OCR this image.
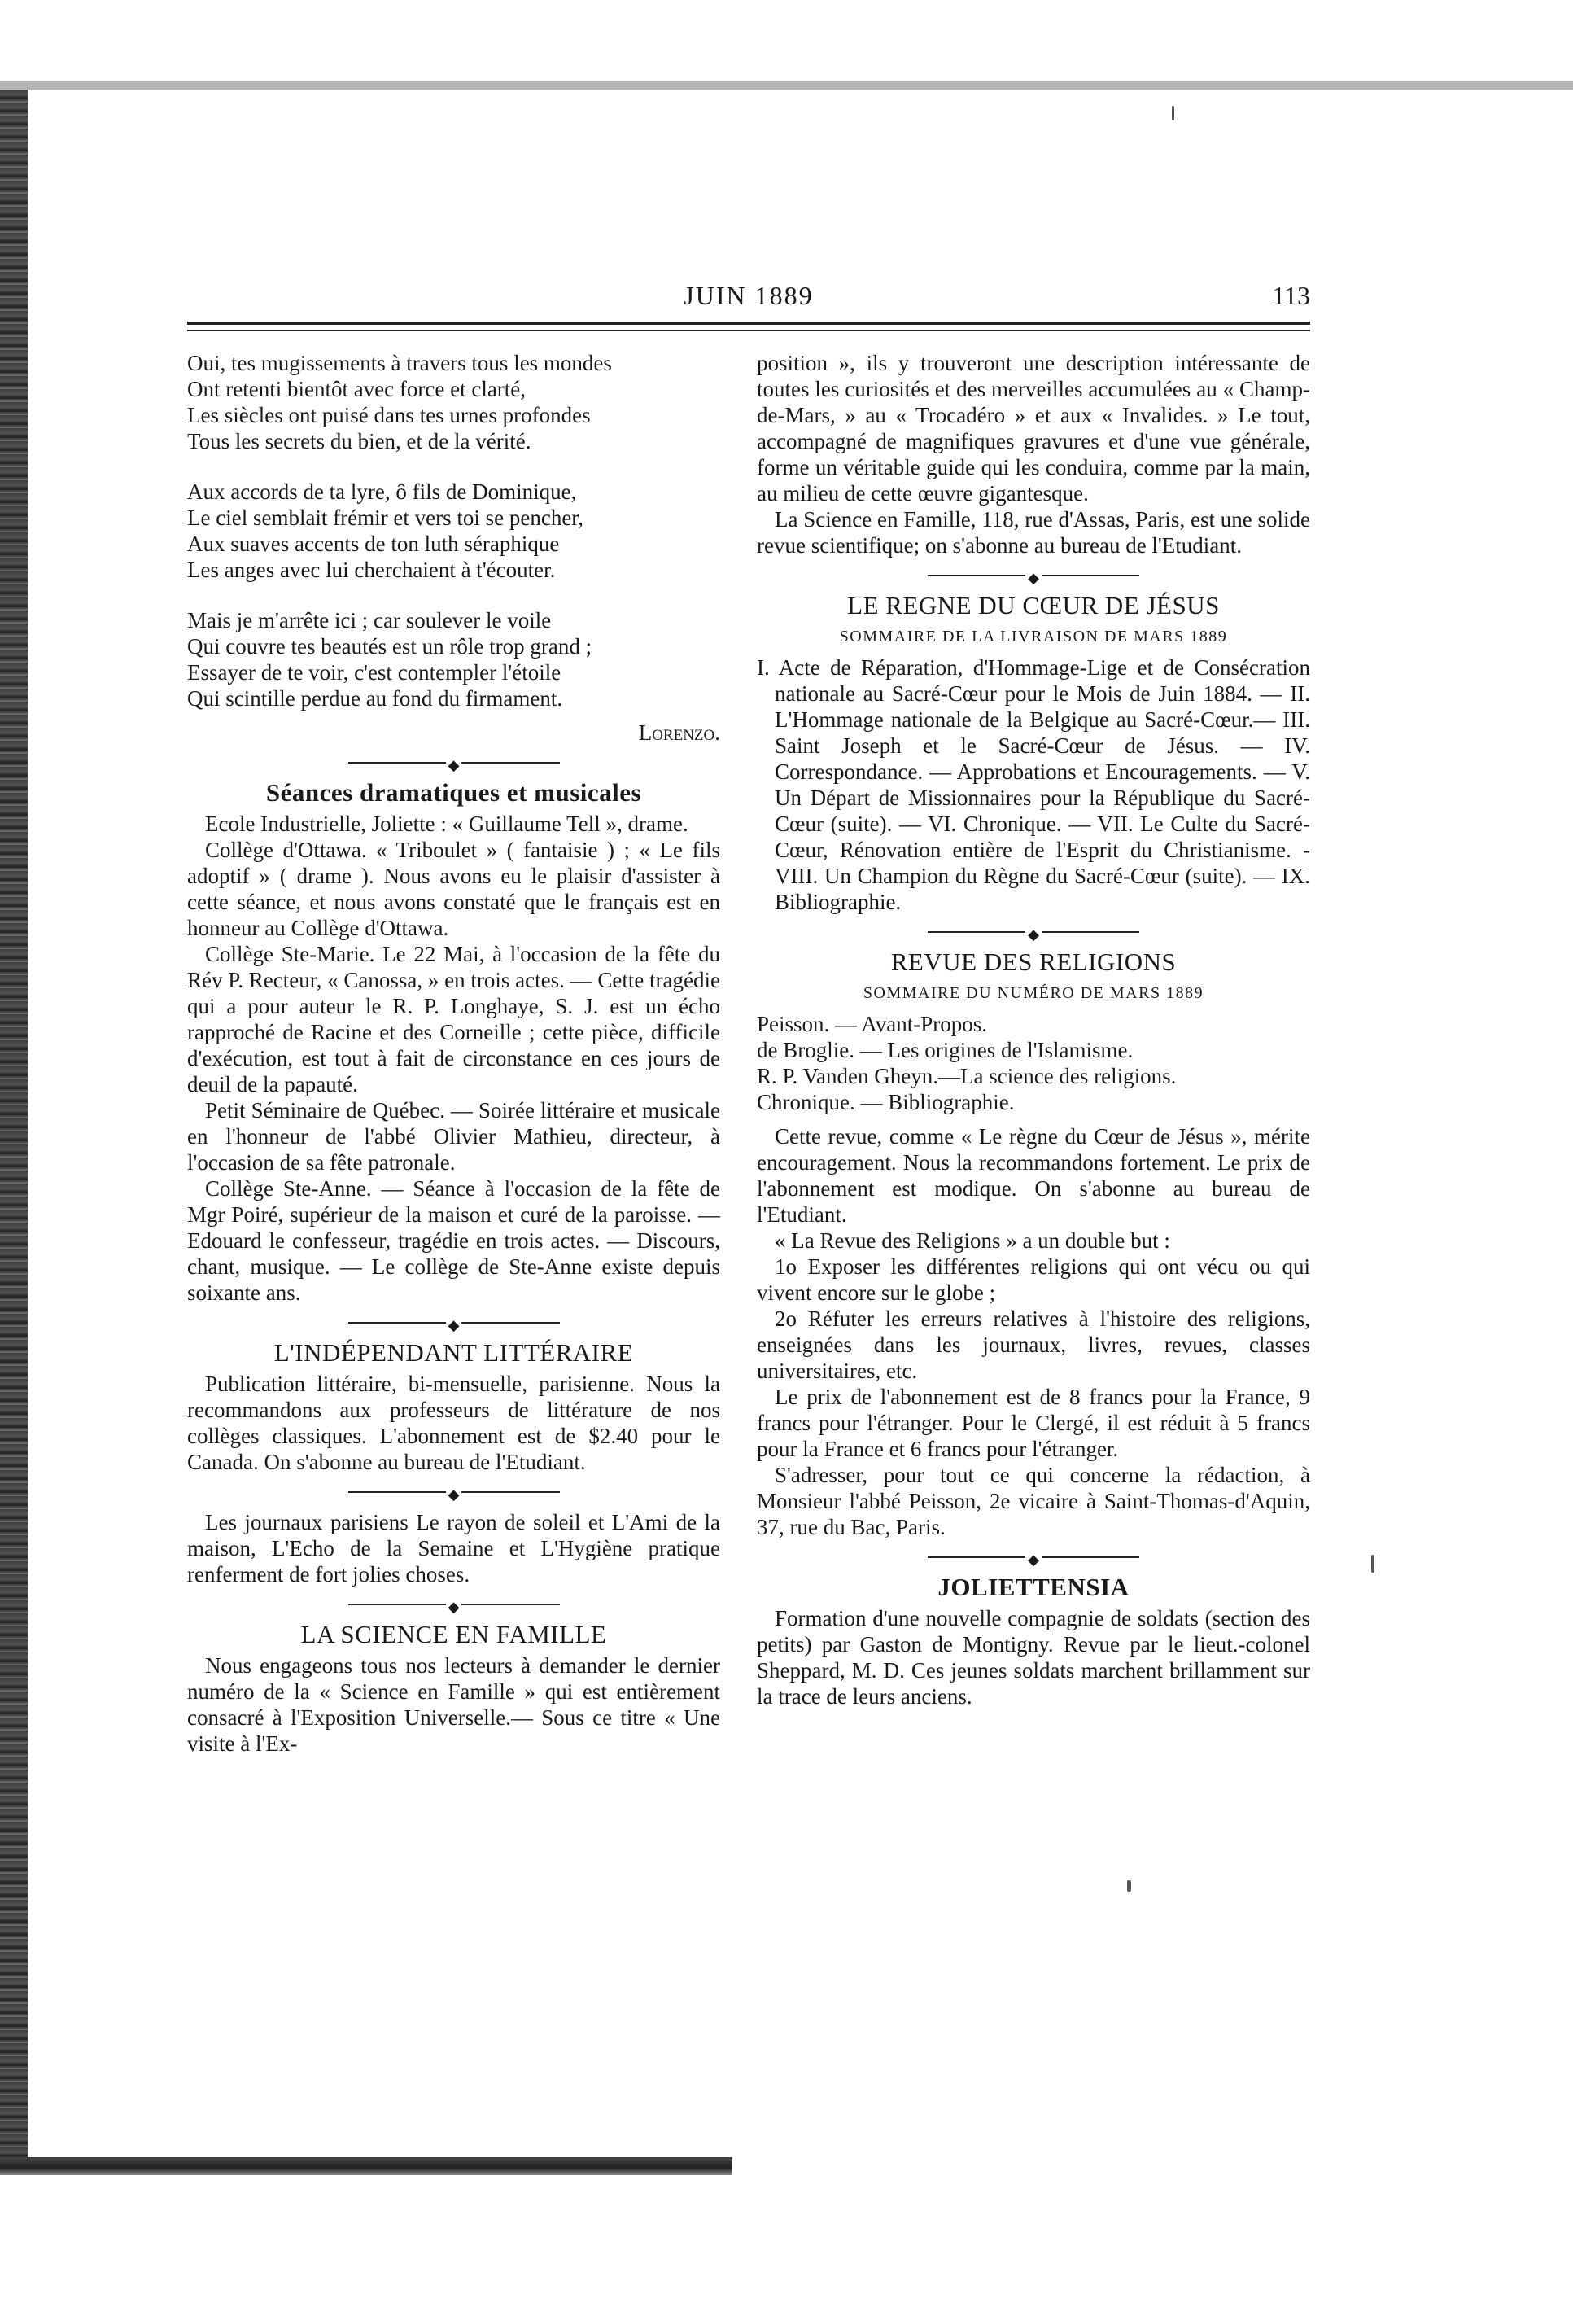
JUIN 1889	113

Oui, tes mugissements à travers tous les mondes

Ont retenti bientôt avec force et clarté,

Les siècles ont puisé dans tes urnes profondes

Tous les secrets du bien, et de la vérité.

Aux accords de ta lyre, ô fils de Dominique,

Le ciel semblait frémir et vers toi se pencher,

Aux suaves accents de ton luth séraphique

Les anges avec lui cherchaient à t'écouter.

Mais je m'arrête ici ; car soulever le voile

Qui couvre tes beautés est un rôle trop grand ;

Essayer de te voir, c'est contempler l'étoile

Qui scintille perdue au fond du firmament.

Lorenzo.
◆
Séances dramatiques et musicales

Ecole Industrielle, Joliette : « Guillaume Tell », drame.

Collège d'Ottawa. « Triboulet » ( fantaisie ) ; « Le fils adoptif » ( drame ). Nous avons eu le plaisir d'assister à cette séance, et nous avons constaté que le français est en honneur au Collège d'Ottawa.

Collège Ste-Marie. Le 22 Mai, à l'occasion de la fête du Rév P. Recteur, « Canossa, » en trois actes. — Cette tragédie qui a pour auteur le R. P. Longhaye, S. J. est un écho rapproché de Racine et des Corneille ; cette pièce, difficile d'exécution, est tout à fait de circonstance en ces jours de deuil de la papauté.

Petit Séminaire de Québec. — Soirée littéraire et musicale en l'honneur de l'abbé Olivier Mathieu, directeur, à l'occasion de sa fête patronale.

Collège Ste-Anne. — Séance à l'occasion de la fête de Mgr Poiré, supérieur de la maison et curé de la paroisse. — Edouard le confesseur, tragédie en trois actes. — Discours, chant, musique. — Le collège de Ste-Anne existe depuis soixante ans.

◆
L'INDÉPENDANT LITTÉRAIRE

Publication littéraire, bi-mensuelle, parisienne. Nous la recommandons aux professeurs de littérature de nos collèges classiques. L'abonnement est de $2.40 pour le Canada. On s'abonne au bureau de l'Etudiant.

◆

Les journaux parisiens Le rayon de soleil et L'Ami de la maison, L'Echo de la Semaine et L'Hygiène pratique renferment de fort jolies choses.

◆
LA SCIENCE EN FAMILLE

Nous engageons tous nos lecteurs à demander le dernier numéro de la « Science en Famille » qui est entièrement consacré à l'Exposition Universelle.— Sous ce titre « Une visite à l'Ex-

position », ils y trouveront une description intéressante de toutes les curiosités et des merveilles accumulées au « Champ-de-Mars, » au « Trocadéro » et aux « Invalides. » Le tout, accompagné de magnifiques gravures et d'une vue générale, forme un véritable guide qui les conduira, comme par la main, au milieu de cette œuvre gigantesque.

La Science en Famille, 118, rue d'Assas, Paris, est une solide revue scientifique; on s'abonne au bureau de l'Etudiant.

◆
LE REGNE DU CŒUR DE JÉSUS
SOMMAIRE DE LA LIVRAISON DE MARS 1889

I. Acte de Réparation, d'Hommage-Lige et de Consécration nationale au Sacré-Cœur pour le Mois de Juin 1884. — II. L'Hommage nationale de la Belgique au Sacré-Cœur.— III. Saint Joseph et le Sacré-Cœur de Jésus. — IV. Correspondance. — Approbations et Encouragements. — V. Un Départ de Missionnaires pour la République du Sacré-Cœur (suite). — VI. Chronique. — VII. Le Culte du Sacré-Cœur, Rénovation entière de l'Esprit du Christianisme. - VIII. Un Champion du Règne du Sacré-Cœur (suite). — IX. Bibliographie.

◆
REVUE DES RELIGIONS
SOMMAIRE DU NUMÉRO DE MARS 1889

Peisson. — Avant-Propos.

de Broglie. — Les origines de l'Islamisme.

R. P. Vanden Gheyn.—La science des religions.

Chronique. — Bibliographie.

Cette revue, comme « Le règne du Cœur de Jésus », mérite encouragement. Nous la recommandons fortement. Le prix de l'abonnement est modique. On s'abonne au bureau de l'Etudiant.

« La Revue des Religions » a un double but :

1o Exposer les différentes religions qui ont vécu ou qui vivent encore sur le globe ;

2o Réfuter les erreurs relatives à l'histoire des religions, enseignées dans les journaux, livres, revues, classes universitaires, etc.

Le prix de l'abonnement est de 8 francs pour la France, 9 francs pour l'étranger. Pour le Clergé, il est réduit à 5 francs pour la France et 6 francs pour l'étranger.

S'adresser, pour tout ce qui concerne la rédaction, à Monsieur l'abbé Peisson, 2e vicaire à Saint-Thomas-d'Aquin, 37, rue du Bac, Paris.

◆
JOLIETTENSIA

Formation d'une nouvelle compagnie de soldats (section des petits) par Gaston de Montigny. Revue par le lieut.-colonel Sheppard, M. D. Ces jeunes soldats marchent brillamment sur la trace de leurs anciens.
